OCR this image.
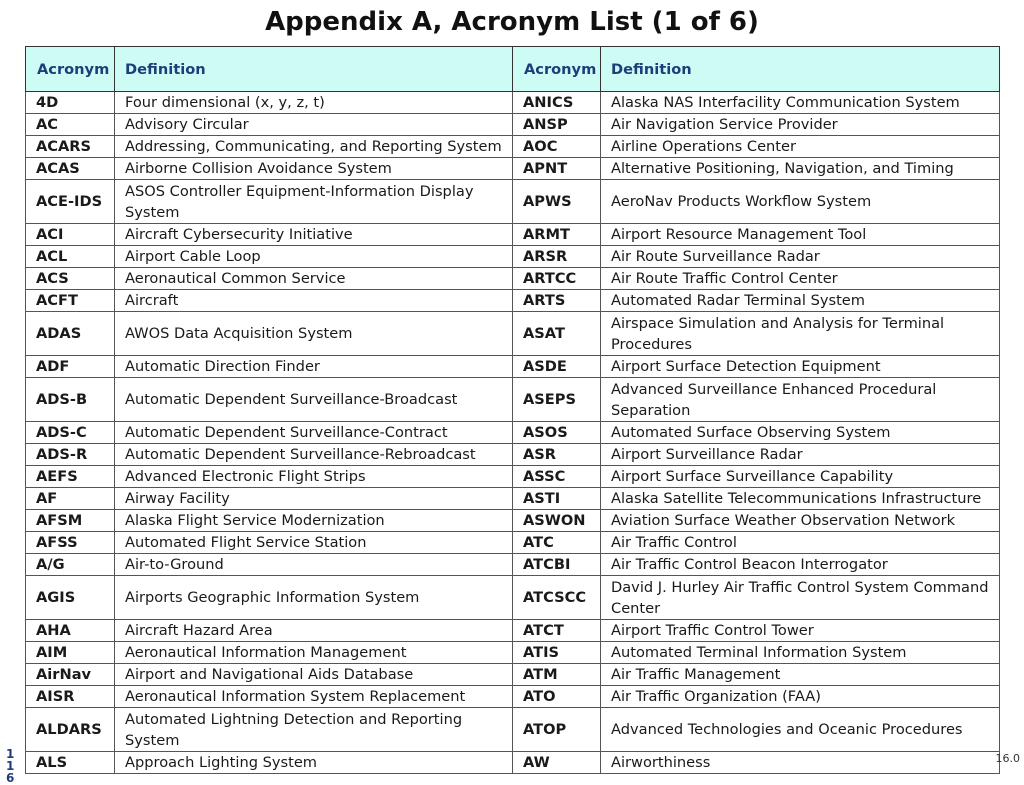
Appendix A, Acronym List (1 of 6)
Acronym	Definition	Acronym	Definition
4D	Four dimensional (x, y, z, t)	ANICS	Alaska NAS Interfacility Communication System
AC	Advisory Circular	ANSP	Air Navigation Service Provider
ACARS	Addressing, Communicating, and Reporting System	AOC	Airline Operations Center
ACAS	Airborne Collision Avoidance System	APNT	Alternative Positioning, Navigation, and Timing
ACE-IDS	ASOS Controller Equipment-Information Display System	APWS	AeroNav Products Workflow System
ACI	Aircraft Cybersecurity Initiative	ARMT	Airport Resource Management Tool
ACL	Airport Cable Loop	ARSR	Air Route Surveillance Radar
ACS	Aeronautical Common Service	ARTCC	Air Route Traffic Control Center
ACFT	Aircraft	ARTS	Automated Radar Terminal System
ADAS	AWOS Data Acquisition System	ASAT	Airspace Simulation and Analysis for Terminal Procedures
ADF	Automatic Direction Finder	ASDE	Airport Surface Detection Equipment
ADS-B	Automatic Dependent Surveillance-Broadcast	ASEPS	Advanced Surveillance Enhanced Procedural Separation
ADS-C	Automatic Dependent Surveillance-Contract	ASOS	Automated Surface Observing System
ADS-R	Automatic Dependent Surveillance-Rebroadcast	ASR	Airport Surveillance Radar
AEFS	Advanced Electronic Flight Strips	ASSC	Airport Surface Surveillance Capability
AF	Airway Facility	ASTI	Alaska Satellite Telecommunications Infrastructure
AFSM	Alaska Flight Service Modernization	ASWON	Aviation Surface Weather Observation Network
AFSS	Automated Flight Service Station	ATC	Air Traffic Control
A/G	Air-to-Ground	ATCBI	Air Traffic Control Beacon Interrogator
AGIS	Airports Geographic Information System	ATCSCC	David J. Hurley Air Traffic Control System Command Center
AHA	Aircraft Hazard Area	ATCT	Airport Traffic Control Tower
AIM	Aeronautical Information Management	ATIS	Automated Terminal Information System
AirNav	Airport and Navigational Aids Database	ATM	Air Traffic Management
AISR	Aeronautical Information System Replacement	ATO	Air Traffic Organization (FAA)
ALDARS	Automated Lightning Detection and Reporting System	ATOP	Advanced Technologies and Oceanic Procedures
ALS	Approach Lighting System	AW	Airworthiness
116
16.0
